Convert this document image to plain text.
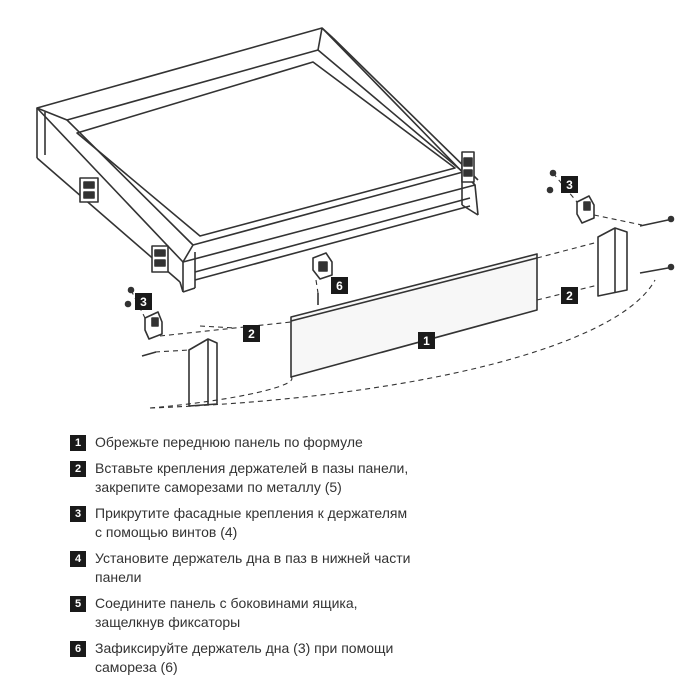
1
2
2
3
3
6
1 Обрежьте переднюю панель по формуле
2 Вставьте крепления держателей в пазы панели, закрепите саморезами по металлу (5)
3 Прикрутите фасадные крепления к держателям с помощью винтов (4)
4 Установите держатель дна в паз в нижней части панели
5 Соедините панель с боковинами ящика, защелкнув фиксаторы
6 Зафиксируйте держатель дна (3) при помощи самореза (6)
